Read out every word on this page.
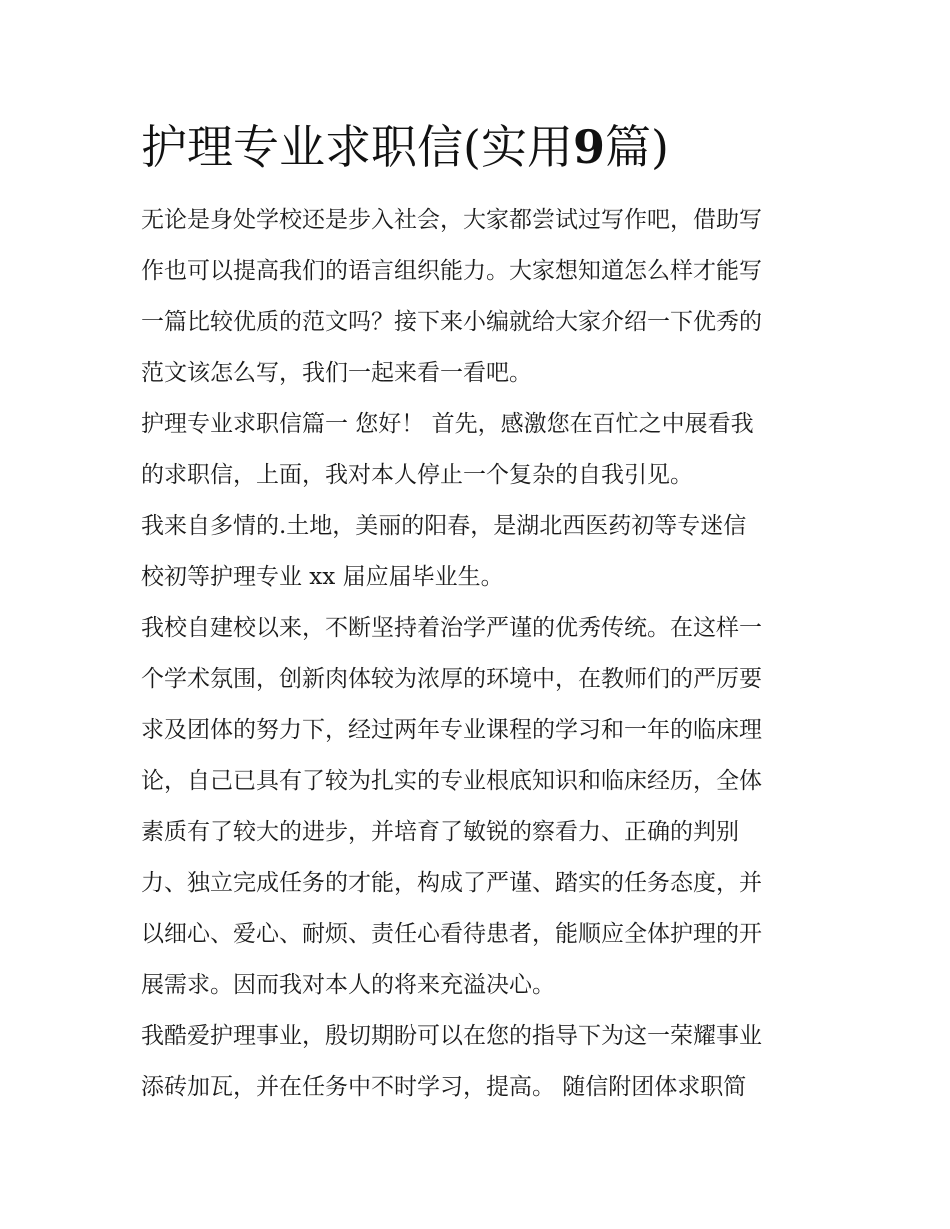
护理专业求职信(实用9篇)

无论是身处学校还是步入社会，大家都尝试过写作吧，借助写

作也可以提高我们的语言组织能力。大家想知道怎么样才能写

一篇比较优质的范文吗？接下来小编就给大家介绍一下优秀的

范文该怎么写，我们一起来看一看吧。

护理专业求职信篇一 您好！ 首先，感激您在百忙之中展看我

的求职信，上面，我对本人停止一个复杂的自我引见。

我来自多情的.土地，美丽的阳春，是湖北西医药初等专迷信

校初等护理专业 xx 届应届毕业生。

我校自建校以来，不断坚持着治学严谨的优秀传统。在这样一

个学术氛围，创新肉体较为浓厚的环境中，在教师们的严厉要

求及团体的努力下，经过两年专业课程的学习和一年的临床理

论，自己已具有了较为扎实的专业根底知识和临床经历，全体

素质有了较大的进步，并培育了敏锐的察看力、正确的判别

力、独立完成任务的才能，构成了严谨、踏实的任务态度，并

以细心、爱心、耐烦、责任心看待患者，能顺应全体护理的开

展需求。因而我对本人的将来充溢决心。

我酷爱护理事业，殷切期盼可以在您的指导下为这一荣耀事业

添砖加瓦，并在任务中不时学习，提高。 随信附团体求职简
